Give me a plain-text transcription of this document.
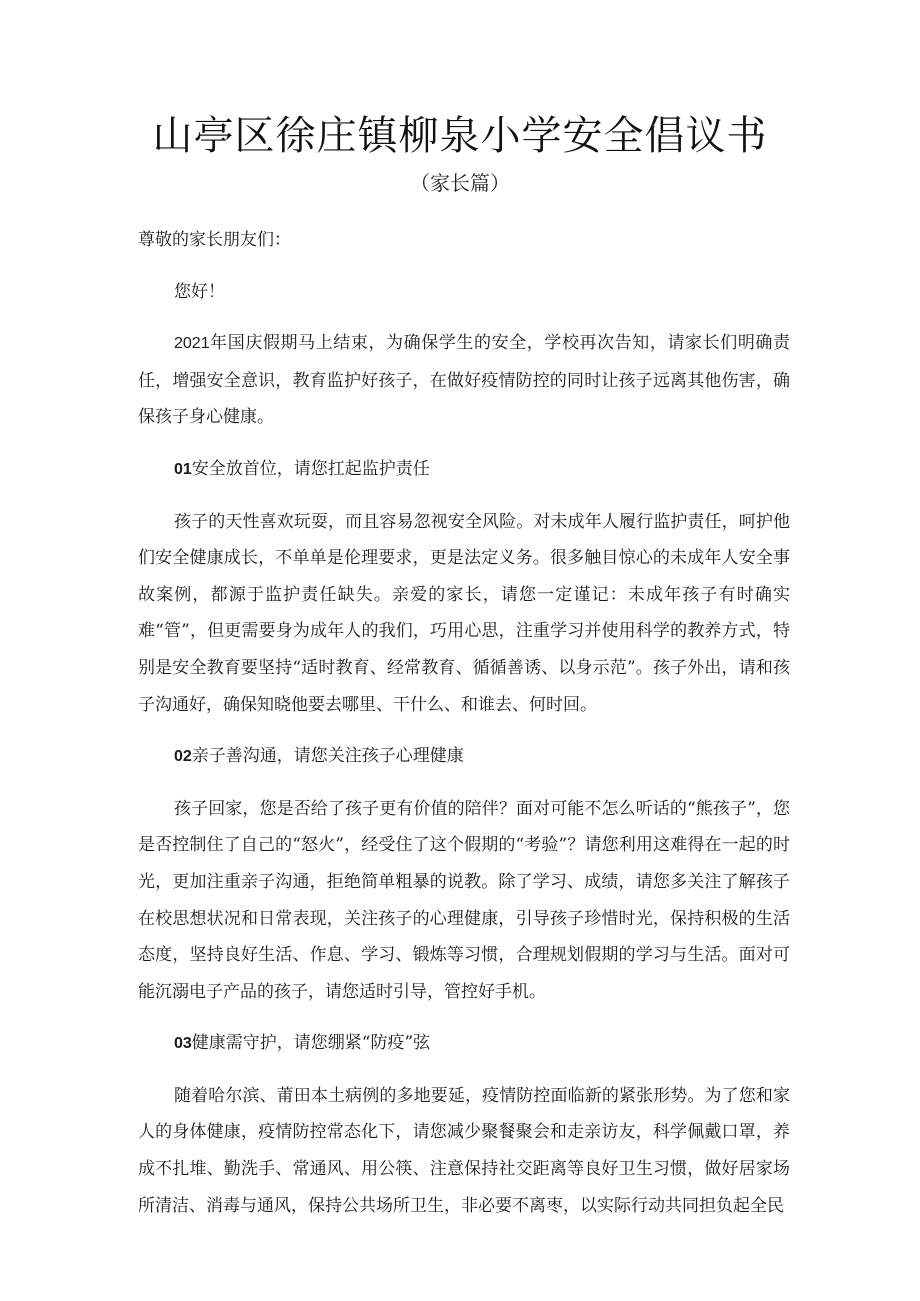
山亭区徐庄镇柳泉小学安全倡议书
（家长篇）

尊敬的家长朋友们：

您好！

2021年国庆假期马上结束，为确保学生的安全，学校再次告知，请家长们明确责任，增强安全意识，教育监护好孩子，在做好疫情防控的同时让孩子远离其他伤害，确保孩子身心健康。

01安全放首位，请您扛起监护责任

孩子的天性喜欢玩耍，而且容易忽视安全风险。对未成年人履行监护责任，呵护他们安全健康成长，不单单是伦理要求，更是法定义务。很多触目惊心的未成年人安全事故案例，都源于监护责任缺失。亲爱的家长，请您一定谨记：未成年孩子有时确实难“管”，但更需要身为成年人的我们，巧用心思，注重学习并使用科学的教养方式，特别是安全教育要坚持“适时教育、经常教育、循循善诱、以身示范”。孩子外出，请和孩子沟通好，确保知晓他要去哪里、干什么、和谁去、何时回。

02亲子善沟通，请您关注孩子心理健康

孩子回家，您是否给了孩子更有价值的陪伴？面对可能不怎么听话的“熊孩子”，您是否控制住了自己的“怒火”，经受住了这个假期的“考验”？请您利用这难得在一起的时光，更加注重亲子沟通，拒绝简单粗暴的说教。除了学习、成绩，请您多关注了解孩子在校思想状况和日常表现，关注孩子的心理健康，引导孩子珍惜时光，保持积极的生活态度，坚持良好生活、作息、学习、锻炼等习惯，合理规划假期的学习与生活。面对可能沉溺电子产品的孩子，请您适时引导，管控好手机。

03健康需守护，请您绷紧“防疫”弦

随着哈尔滨、莆田本土病例的多地要延，疫情防控面临新的紧张形势。为了您和家人的身体健康，疫情防控常态化下，请您减少聚餐聚会和走亲访友，科学佩戴口罩，养成不扎堆、勤洗手、常通风、用公筷、注意保持社交距离等良好卫生习惯，做好居家场所清洁、消毒与通风，保持公共场所卫生，非必要不离枣，以实际行动共同担负起全民
